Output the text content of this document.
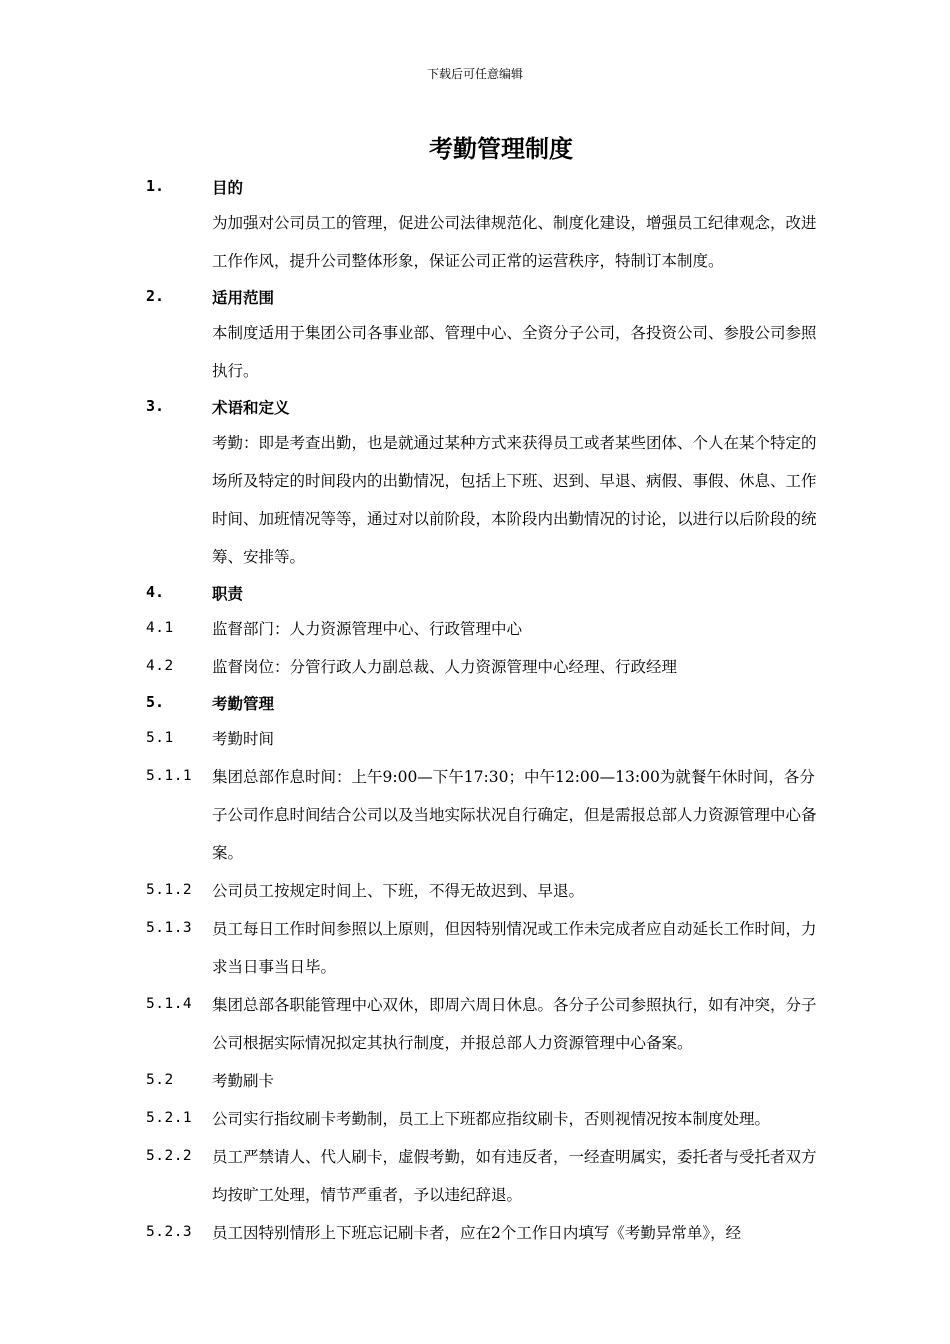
下载后可任意编辑
考勤管理制度
1.	目的
为加强对公司员工的管理，促进公司法律规范化、制度化建设，增强员工纪律观念，改进工作作风，提升公司整体形象，保证公司正常的运营秩序，特制订本制度。
2.	适用范围
本制度适用于集团公司各事业部、管理中心、全资分子公司，各投资公司、参股公司参照执行。
3.	术语和定义
考勤：即是考查出勤，也是就通过某种方式来获得员工或者某些团体、个人在某个特定的场所及特定的时间段内的出勤情况，包括上下班、迟到、早退、病假、事假、休息、工作时间、加班情况等等，通过对以前阶段，本阶段内出勤情况的讨论，以进行以后阶段的统筹、安排等。
4.	职责
4.1 监督部门：人力资源管理中心、行政管理中心
4.2 监督岗位：分管行政人力副总裁、人力资源管理中心经理、行政经理
5.	考勤管理
5.1 考勤时间
5.1.1 集团总部作息时间：上午9:00—下午17:30；中午12:00—13:00为就餐午休时间，各分子公司作息时间结合公司以及当地实际状况自行确定，但是需报总部人力资源管理中心备案。
5.1.2 公司员工按规定时间上、下班，不得无故迟到、早退。
5.1.3 员工每日工作时间参照以上原则，但因特别情况或工作未完成者应自动延长工作时间，力求当日事当日毕。
5.1.4 集团总部各职能管理中心双休，即周六周日休息。各分子公司参照执行，如有冲突，分子公司根据实际情况拟定其执行制度，并报总部人力资源管理中心备案。
5.2 考勤刷卡
5.2.1 公司实行指纹刷卡考勤制，员工上下班都应指纹刷卡，否则视情况按本制度处理。
5.2.2 员工严禁请人、代人刷卡，虚假考勤，如有违反者，一经查明属实，委托者与受托者双方均按旷工处理，情节严重者，予以违纪辞退。
5.2.3 员工因特别情形上下班忘记刷卡者，应在2个工作日内填写《考勤异常单》，经
